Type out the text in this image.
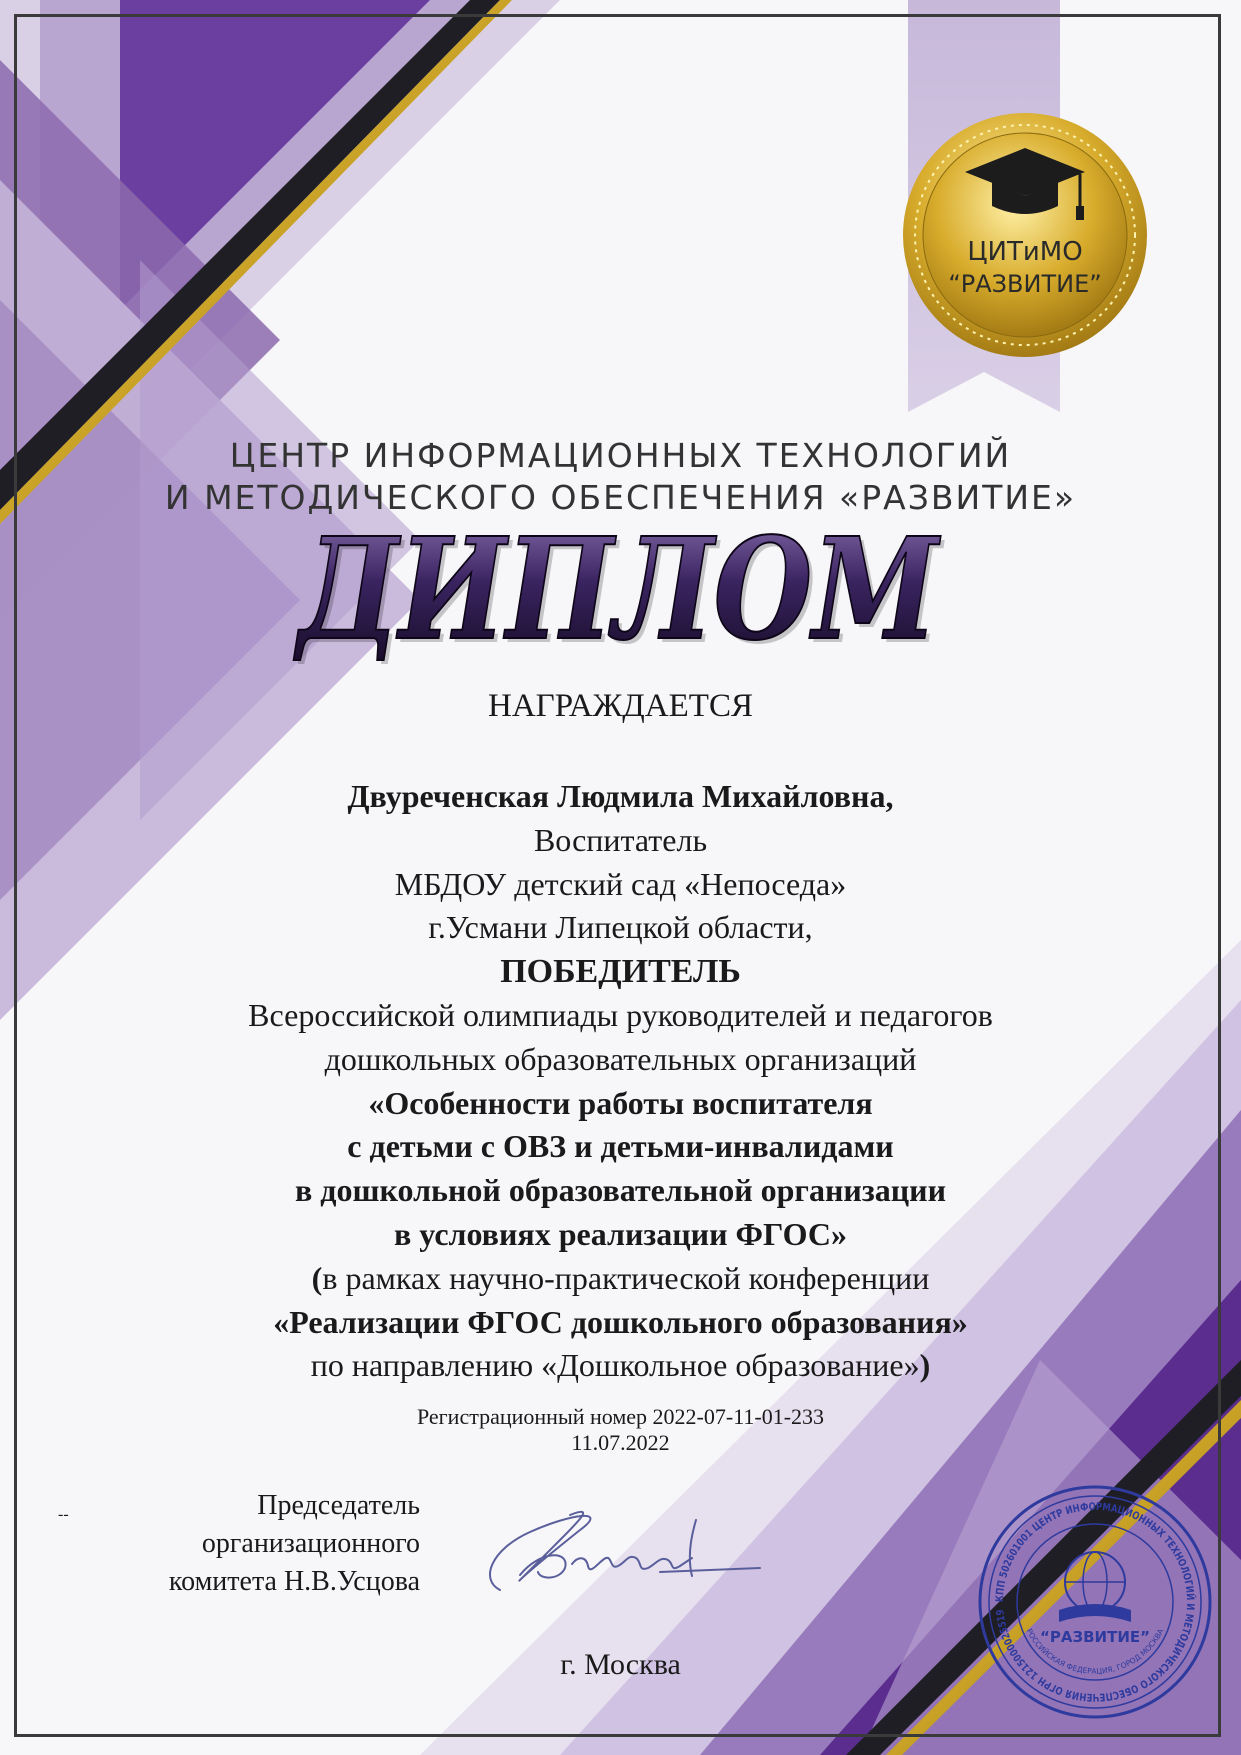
ЦИТиМО
“РАЗВИТИЕ”
ЦЕНТР ИНФОРМАЦИОННЫХ ТЕХНОЛОГИЙ
И МЕТОДИЧЕСКОГО ОБЕСПЕЧЕНИЯ «РАЗВИТИЕ»
ДИПЛОМ
ДИПЛОМ
НАГРАЖДАЕТСЯ
Двуреченская Людмила Михайловна,
Воспитатель
МБДОУ детский сад «Непоседа»
г.Усмани Липецкой области,
ПОБЕДИТЕЛЬ
Всероссийской олимпиады руководителей и педагогов
дошкольных образовательных организаций
«Особенности работы воспитателя
с детьми с ОВЗ и детьми-инвалидами
в дошкольной образовательной организации
в условиях реализации ФГОС»
(в рамках научно-практической конференции
«Реализации ФГОС дошкольного образования»
по направлению «Дошкольное образование»)
Регистрационный номер 2022-07-11-01-233
11.07.2022
--	Председатель
организационного
комитета Н.В.Усцова
КПП 502601001 ЦЕНТР ИНФОРМАЦИОННЫХ ТЕХНОЛОГИЙ И МЕТОДИЧЕСКОГО ОБЕСПЕЧЕНИЯ ОГРН 1215000025519
“РАЗВИТИЕ”
РОССИЙСКАЯ ФЕДЕРАЦИЯ, ГОРОД МОСКВА
г. Москва
